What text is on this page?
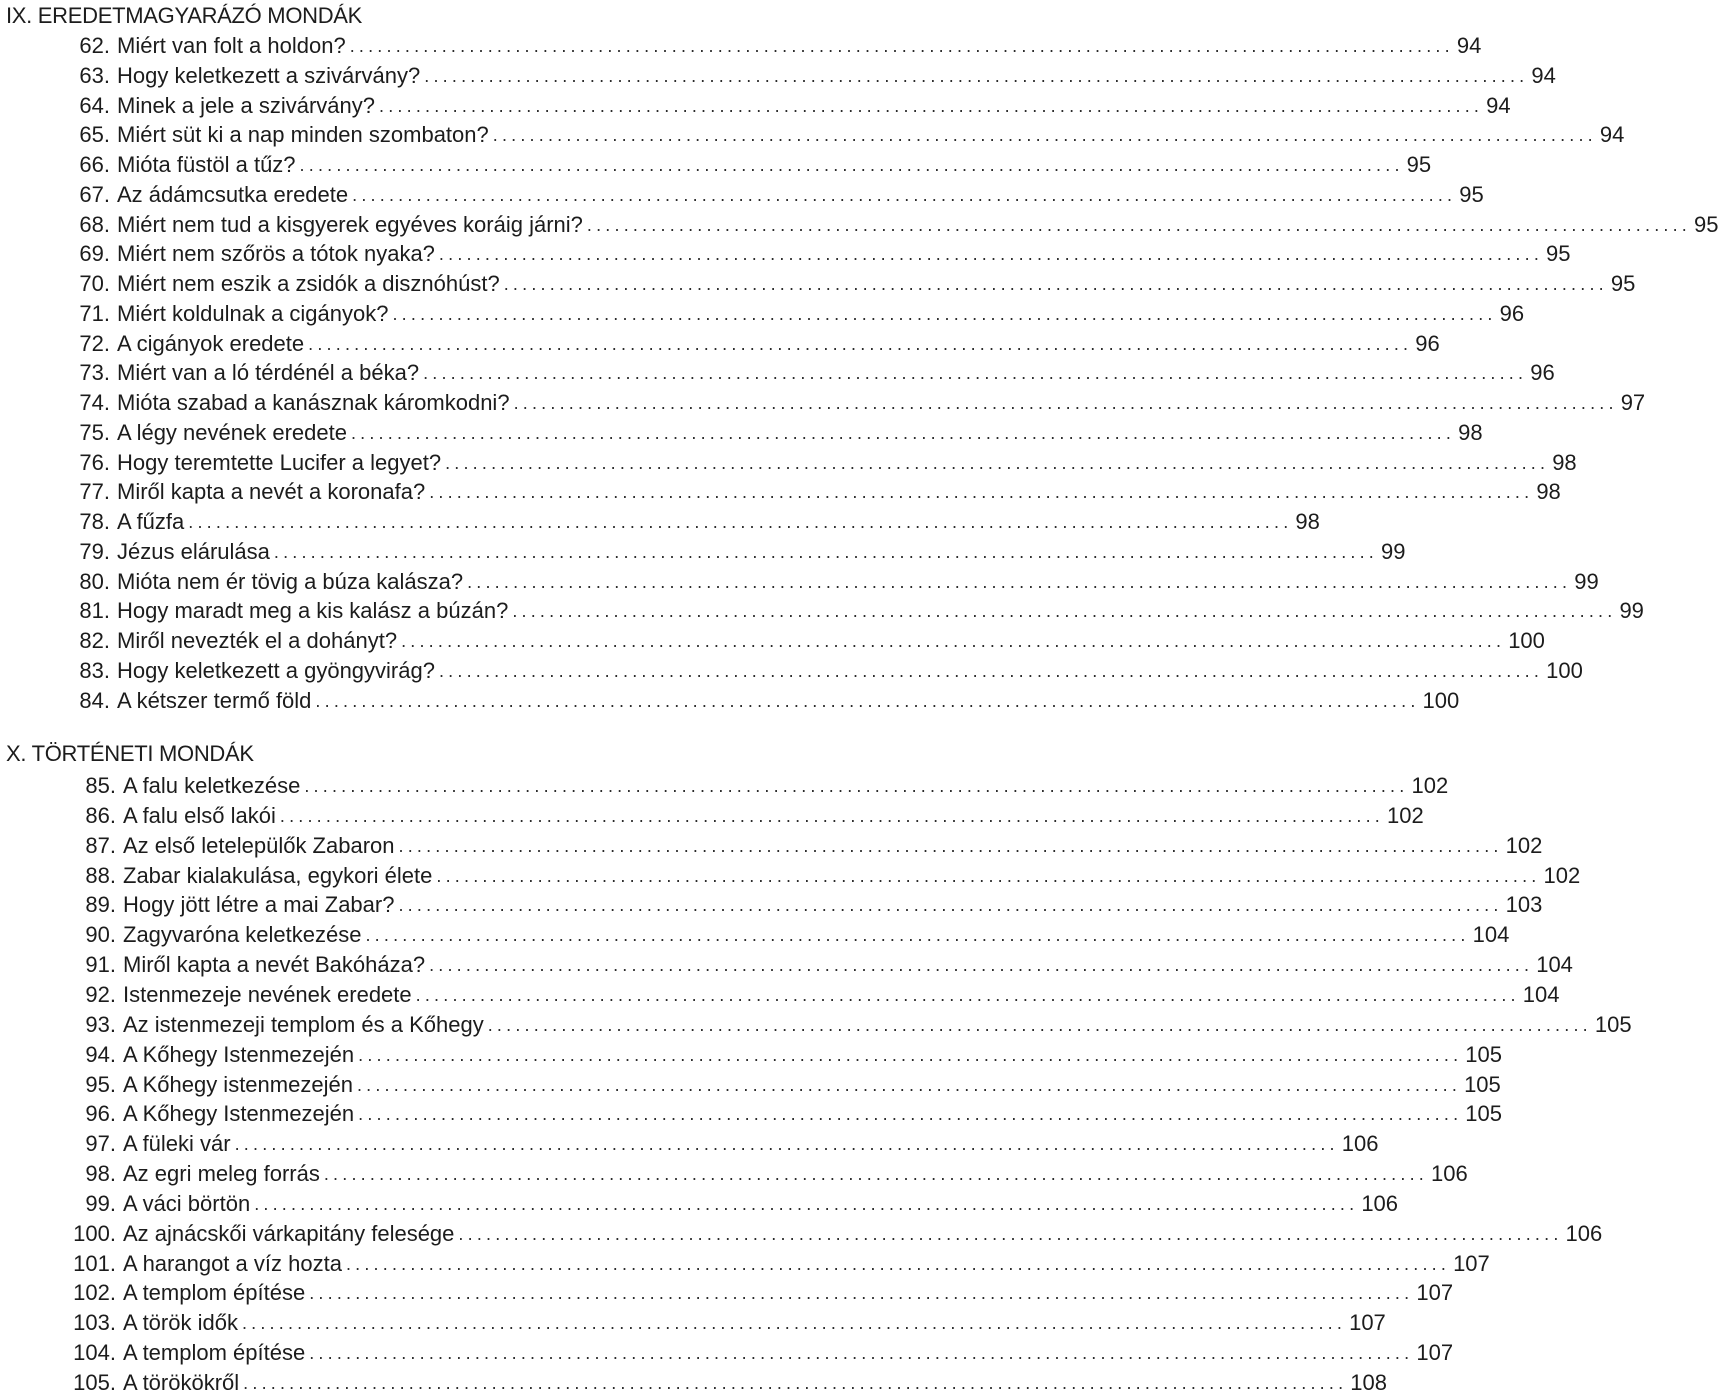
IX. EREDETMAGYARÁZÓ MONDÁK
62. Miért van folt a holdon? ........................................................................................................................ 94
63. Hogy keletkezett a szivárvány? ........................................................................................................................ 94
64. Minek a jele a szivárvány? ........................................................................................................................ 94
65. Miért süt ki a nap minden szombaton? ........................................................................................................................ 94
66. Mióta füstöl a tűz? ........................................................................................................................ 95
67. Az ádámcsutka eredete ........................................................................................................................ 95
68. Miért nem tud a kisgyerek egyéves koráig járni? ........................................................................................................................ 95
69. Miért nem szőrös a tótok nyaka? ........................................................................................................................ 95
70. Miért nem eszik a zsidók a disznóhúst? ........................................................................................................................ 95
71. Miért koldulnak a cigányok? ........................................................................................................................ 96
72. A cigányok eredete ........................................................................................................................ 96
73. Miért van a ló térdénél a béka? ........................................................................................................................ 96
74. Mióta szabad a kanásznak káromkodni? ........................................................................................................................ 97
75. A légy nevének eredete ........................................................................................................................ 98
76. Hogy teremtette Lucifer a legyet? ........................................................................................................................ 98
77. Miről kapta a nevét a koronafa? ........................................................................................................................ 98
78. A fűzfa ........................................................................................................................ 98
79. Jézus elárulása ........................................................................................................................ 99
80. Mióta nem ér tövig a búza kalásza? ........................................................................................................................ 99
81. Hogy maradt meg a kis kalász a búzán? ........................................................................................................................ 99
82. Miről nevezték el a dohányt? ........................................................................................................................ 100
83. Hogy keletkezett a gyöngyvirág? ........................................................................................................................ 100
84. A kétszer termő föld ........................................................................................................................ 100
X. TÖRTÉNETI MONDÁK
85. A falu keletkezése ........................................................................................................................ 102
86. A falu első lakói ........................................................................................................................ 102
87. Az első letelepülők Zabaron ........................................................................................................................ 102
88. Zabar kialakulása, egykori élete ........................................................................................................................ 102
89. Hogy jött létre a mai Zabar? ........................................................................................................................ 103
90. Zagyvaróna keletkezése ........................................................................................................................ 104
91. Miről kapta a nevét Bakóháza? ........................................................................................................................ 104
92. Istenmezeje nevének eredete ........................................................................................................................ 104
93. Az istenmezeji templom és a Kőhegy ........................................................................................................................ 105
94. A Kőhegy Istenmezején ........................................................................................................................ 105
95. A Kőhegy istenmezején ........................................................................................................................ 105
96. A Kőhegy Istenmezején ........................................................................................................................ 105
97. A füleki vár ........................................................................................................................ 106
98. Az egri meleg forrás ........................................................................................................................ 106
99. A váci börtön ........................................................................................................................ 106
100. Az ajnácskői várkapitány felesége ........................................................................................................................ 106
101. A harangot a víz hozta ........................................................................................................................ 107
102. A templom építése ........................................................................................................................ 107
103. A török idők ........................................................................................................................ 107
104. A templom építése ........................................................................................................................ 107
105. A törökökről ........................................................................................................................ 108
